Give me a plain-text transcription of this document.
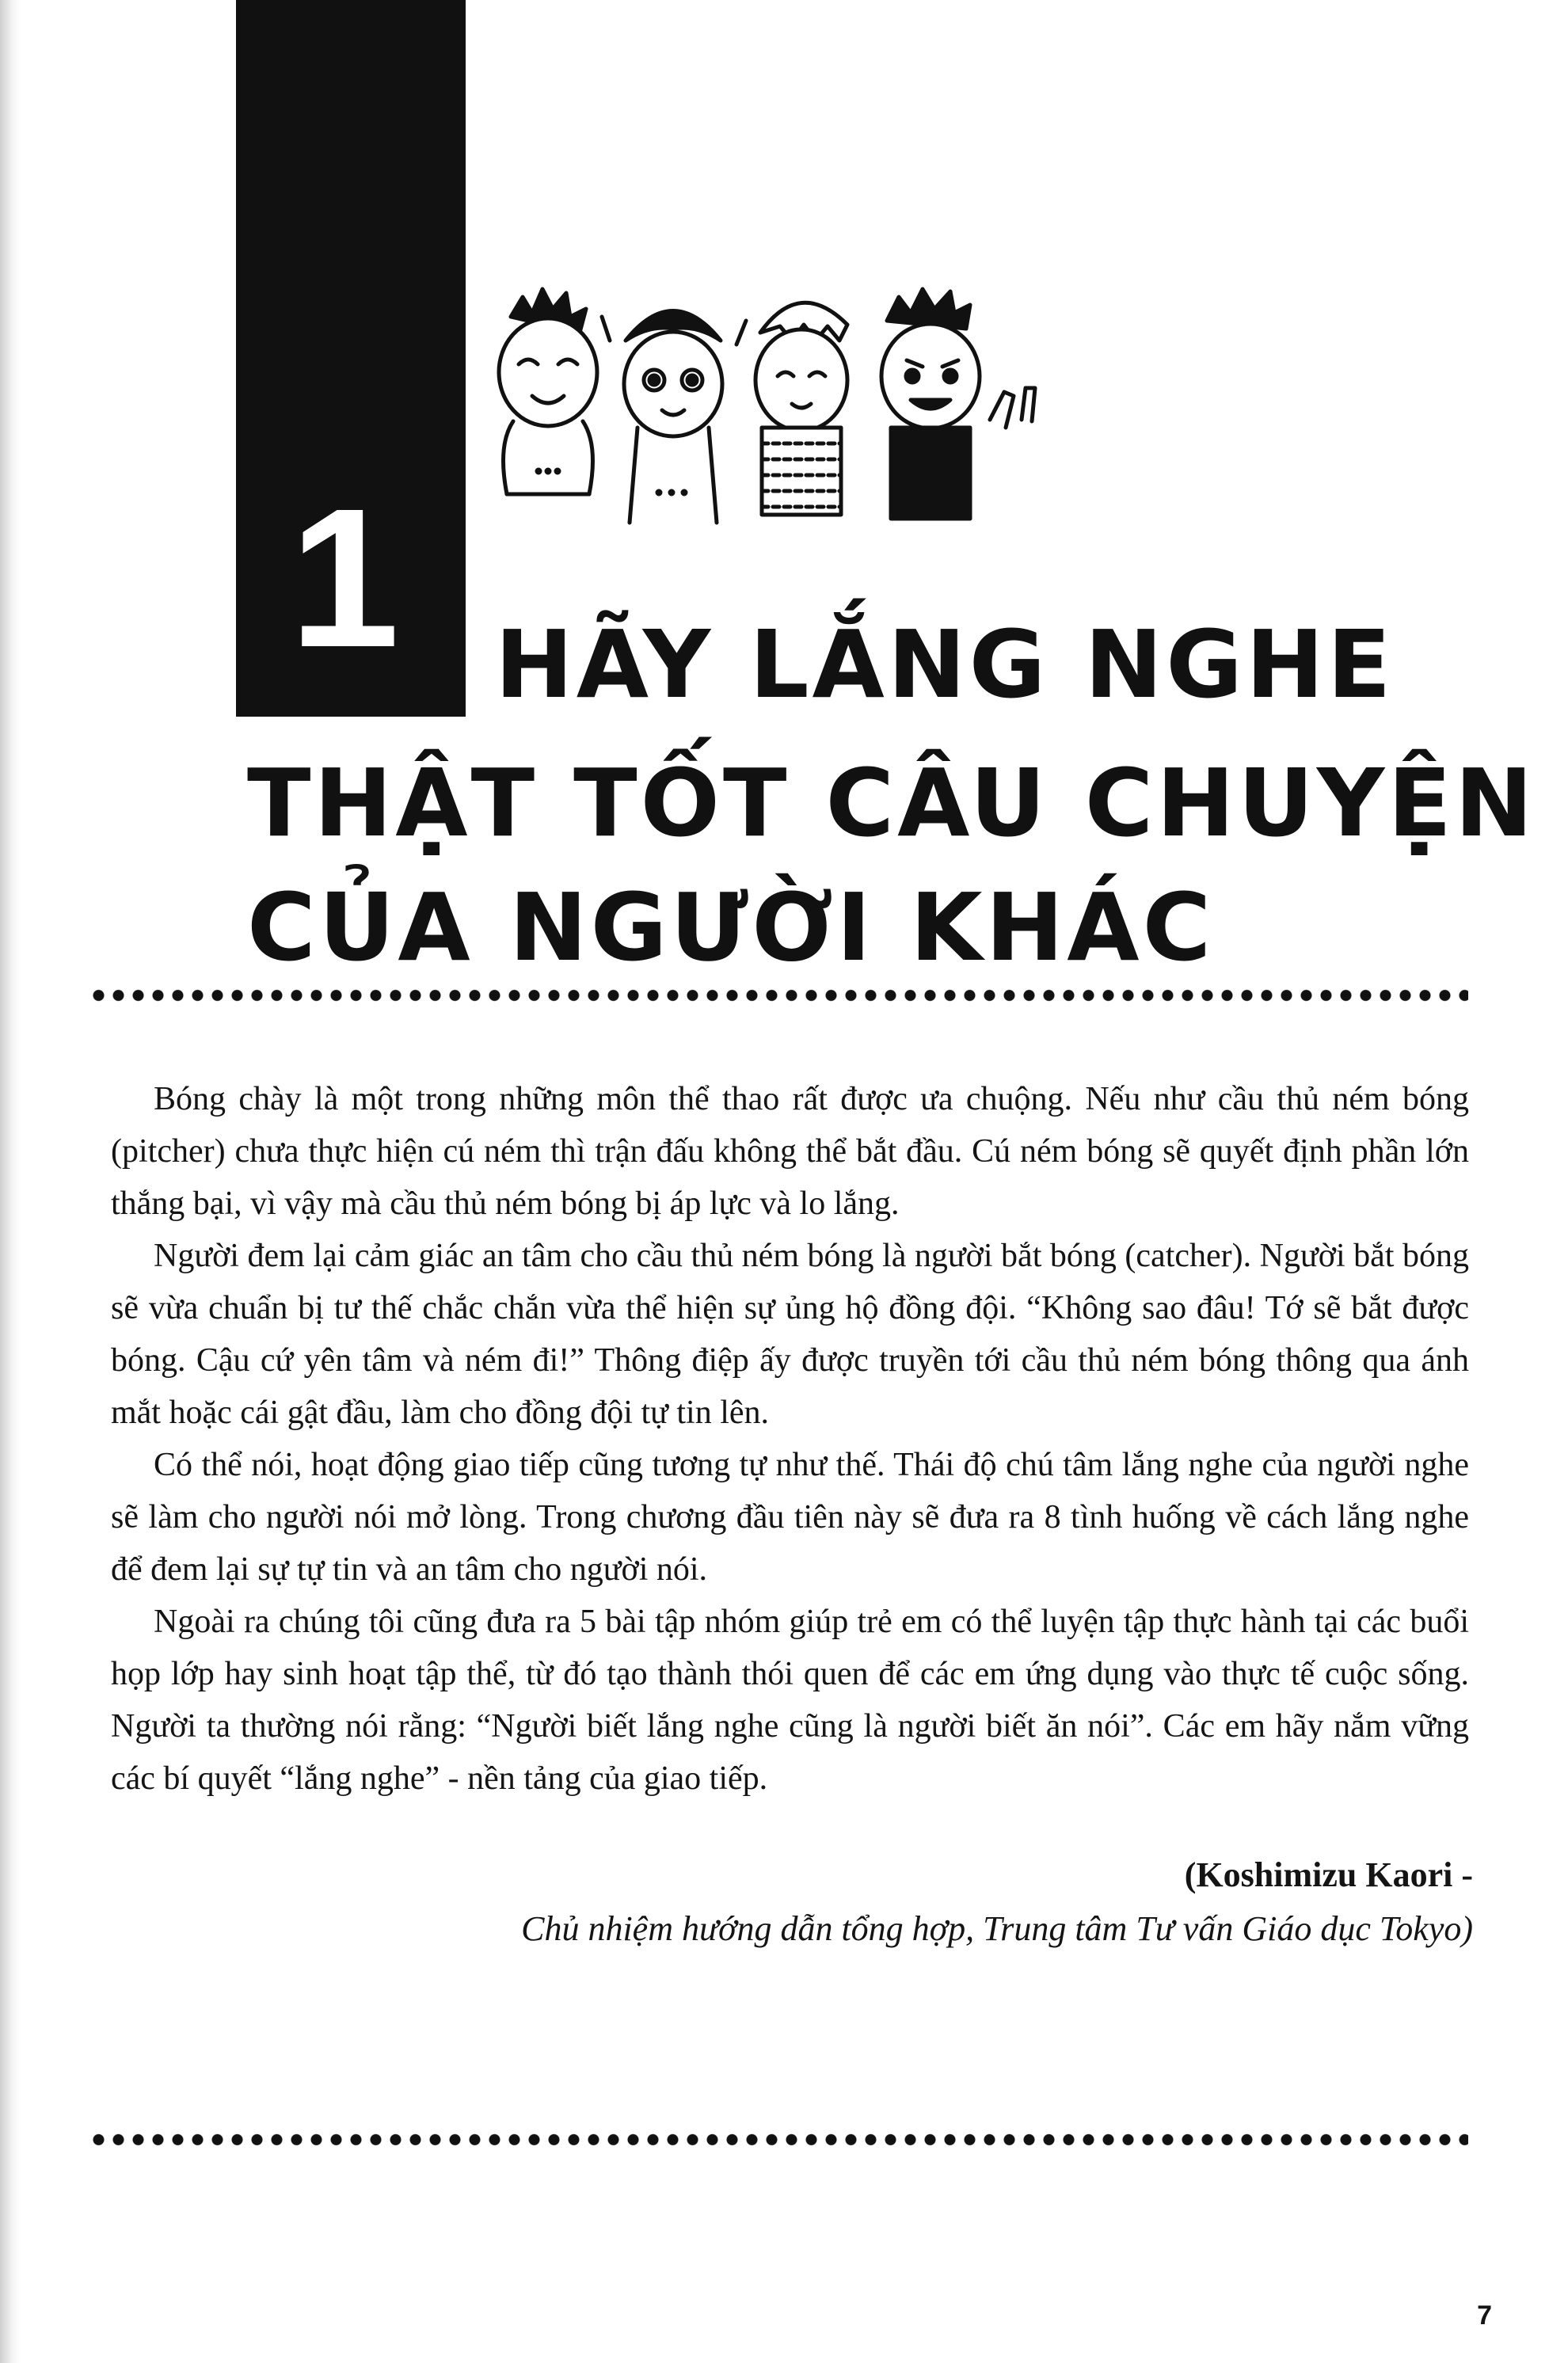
1 HÃY LẮNG NGHE
THẬT TỐT CÂU CHUYỆN
CỦA NGƯỜI KHÁC

Bóng chày là một trong những môn thể thao rất được ưa chuộng. Nếu như cầu thủ ném bóng (pitcher) chưa thực hiện cú ném thì trận đấu không thể bắt đầu. Cú ném bóng sẽ quyết định phần lớn thắng bại, vì vậy mà cầu thủ ném bóng bị áp lực và lo lắng.

Người đem lại cảm giác an tâm cho cầu thủ ném bóng là người bắt bóng (catcher). Người bắt bóng sẽ vừa chuẩn bị tư thế chắc chắn vừa thể hiện sự ủng hộ đồng đội. “Không sao đâu! Tớ sẽ bắt được bóng. Cậu cứ yên tâm và ném đi!” Thông điệp ấy được truyền tới cầu thủ ném bóng thông qua ánh mắt hoặc cái gật đầu, làm cho đồng đội tự tin lên.

Có thể nói, hoạt động giao tiếp cũng tương tự như thế. Thái độ chú tâm lắng nghe của người nghe sẽ làm cho người nói mở lòng. Trong chương đầu tiên này sẽ đưa ra 8 tình huống về cách lắng nghe để đem lại sự tự tin và an tâm cho người nói.

Ngoài ra chúng tôi cũng đưa ra 5 bài tập nhóm giúp trẻ em có thể luyện tập thực hành tại các buổi họp lớp hay sinh hoạt tập thể, từ đó tạo thành thói quen để các em ứng dụng vào thực tế cuộc sống. Người ta thường nói rằng: “Người biết lắng nghe cũng là người biết ăn nói”. Các em hãy nắm vững các bí quyết “lắng nghe” - nền tảng của giao tiếp.

(Koshimizu Kaori -
Chủ nhiệm hướng dẫn tổng hợp, Trung tâm Tư vấn Giáo dục Tokyo)
7
